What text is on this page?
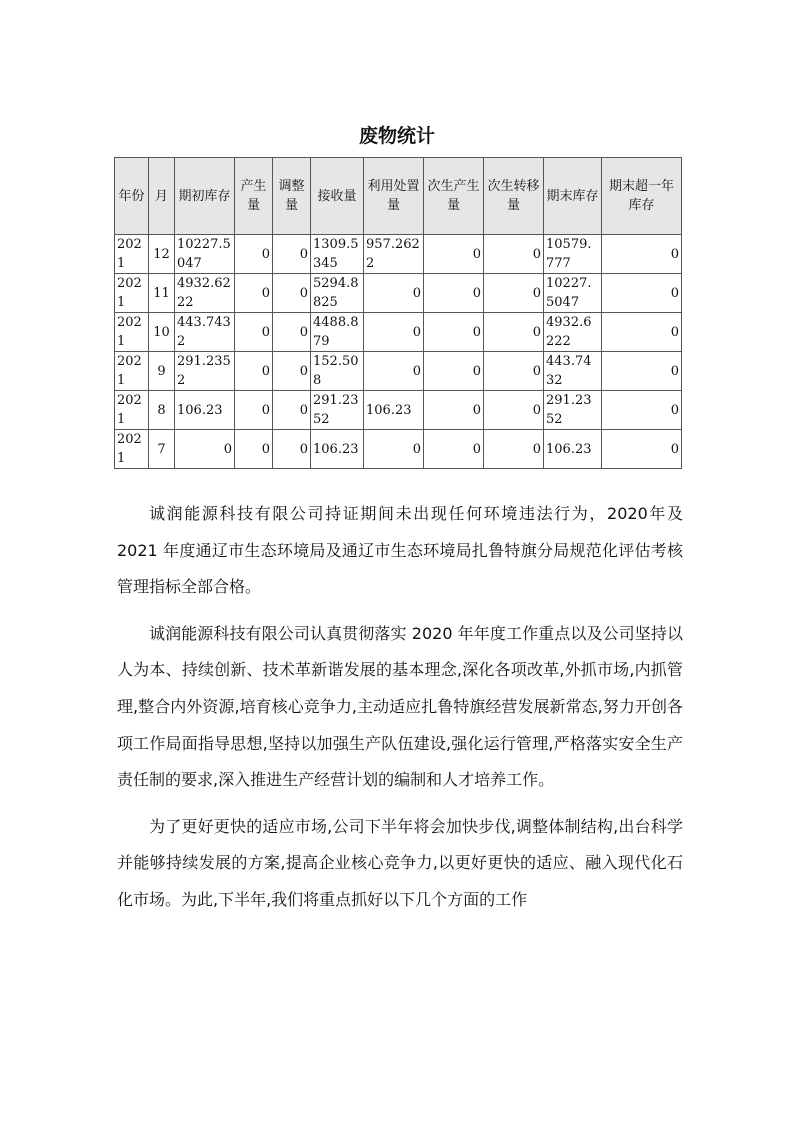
废物统计
年份	月	期初库存	产生量	调整量	接收量	利用处置量	次生产生量	次生转移量	期末库存	期末超一年库存
2021	12	10227.5047	0	0	1309.5345	957.2622	0	0	10579.777	0
2021	11	4932.6222	0	0	5294.8825	0	0	0	10227.5047	0
2021	10	443.7432	0	0	4488.879	0	0	0	4932.6222	0
2021	9	291.2352	0	0	152.508	0	0	0	443.7432	0
2021	8	106.23	0	0	291.2352	106.23	0	0	291.2352	0
2021	7	0	0	0	106.23	0	0	0	106.23	0

诚润能源科技有限公司持证期间未出现任何环境违法行为，2020年及 2021 年度通辽市生态环境局及通辽市生态环境局扎鲁特旗分局规范化评估考核管理指标全部合格。

诚润能源科技有限公司认真贯彻落实 2020 年年度工作重点以及公司坚持以人为本、持续创新、技术革新谐发展的基本理念,深化各项改革,外抓市场,内抓管理,整合内外资源,培育核心竞争力,主动适应扎鲁特旗经营发展新常态,努力开创各项工作局面指导思想,坚持以加强生产队伍建设,强化运行管理,严格落实安全生产责任制的要求,深入推进生产经营计划的编制和人才培养工作。

为了更好更快的适应市场,公司下半年将会加快步伐,调整体制结构,出台科学并能够持续发展的方案,提高企业核心竞争力,以更好更快的适应、融入现代化石化市场。为此,下半年,我们将重点抓好以下几个方面的工作
